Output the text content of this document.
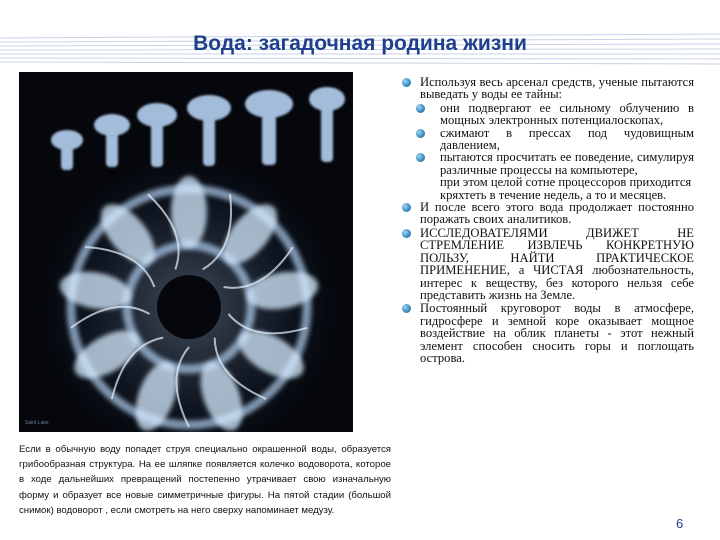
Вода: загадочная родина жизни
Saint Lake

Если в обычную воду попадет струя специально окрашенной воды, образуется грибообразная структура. На ее шляпке появляется колечко водоворота, которое в ходе дальнейших превращений постепенно утрачивает свою изначальную форму и образует все новые симметричные фигуры. На пятой стадии (большой снимок) водоворот , если смотреть на него сверху напоминает медузу.

Используя весь арсенал средств, ученые пытаются выведать у воды ее тайны:
они подвергают ее сильному облучению в мощных электронных потенциалоскопах,
сжимают в прессах под чудовищным давлением,
пытаются просчитать ее поведение, симулируя различные процессы на компьютере,
при этом целой сотне процессоров приходится кряхтеть в течение недель, а то и месяцев.
И после всего этого вода продолжает постоянно поражать своих аналитиков.
ИССЛЕДОВАТЕЛЯМИ ДВИЖЕТ НЕ СТРЕМЛЕНИЕ ИЗВЛЕЧЬ КОНКРЕТНУЮ ПОЛЬЗУ, НАЙТИ ПРАКТИЧЕСКОЕ ПРИМЕНЕНИЕ, а ЧИСТАЯ любознательность, интерес к веществу, без которого нельзя себе представить жизнь на Земле.
Постоянный круговорот воды в атмосфере, гидросфере и земной коре оказывает мощное воздействие на облик планеты - этот нежный элемент способен сносить горы и поглощать острова.
6
